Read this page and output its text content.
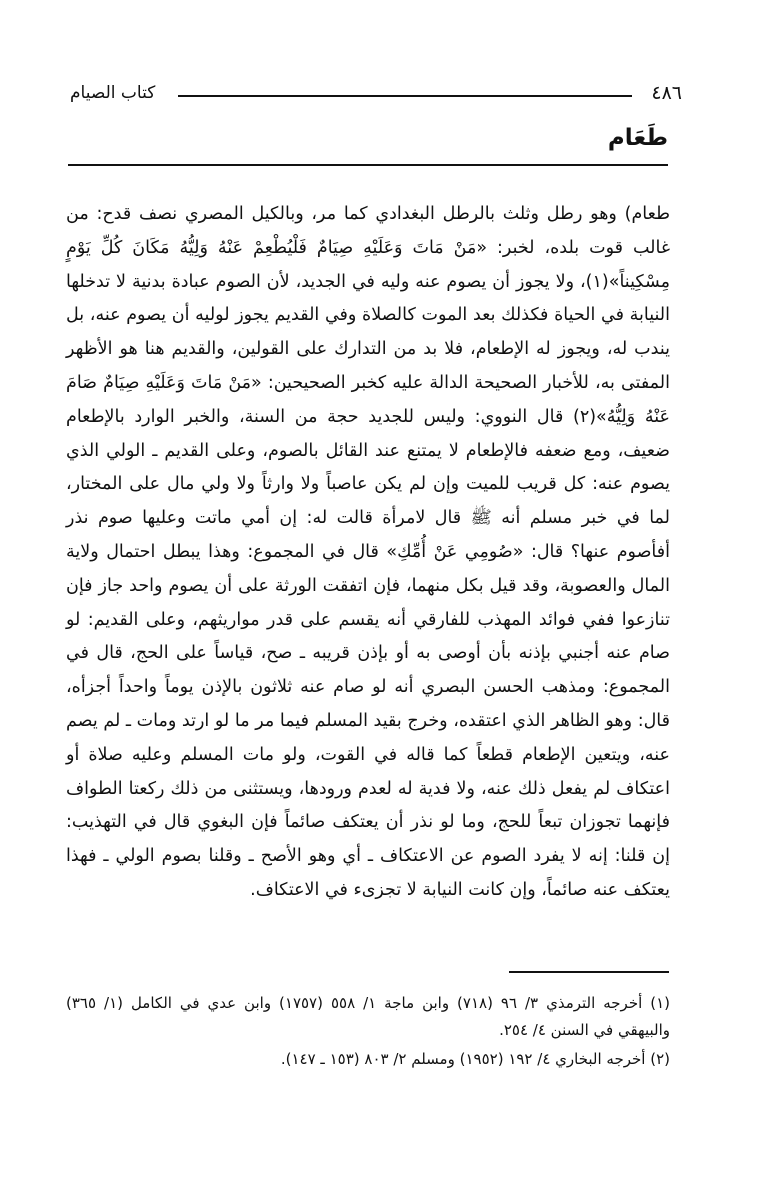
٤٨٦
كتاب الصيام
طَعَام

طعام) وهو رطل وثلث بالرطل البغدادي كما مر، وبالكيل المصري نصف قدح: من غالب قوت بلده، لخبر: «مَنْ مَاتَ وَعَلَيْهِ صِيَامٌ فَلْيُطْعِمْ عَنْهُ وَلِيُّهُ مَكَانَ كُلِّ يَوْمٍ مِسْكِيناً»(١)، ولا يجوز أن يصوم عنه وليه في الجديد، لأن الصوم عبادة بدنية لا تدخلها النيابة في الحياة فكذلك بعد الموت كالصلاة وفي القديم يجوز لوليه أن يصوم عنه، بل يندب له، ويجوز له الإطعام، فلا بد من التدارك على القولين، والقديم هنا هو الأظهر المفتى به، للأخبار الصحيحة الدالة عليه كخبر الصحيحين: «مَنْ مَاتَ وَعَلَيْهِ صِيَامٌ صَامَ عَنْهُ وَلِيُّهُ»(٢) قال النووي: وليس للجديد حجة من السنة، والخبر الوارد بالإطعام ضعيف، ومع ضعفه فالإطعام لا يمتنع عند القائل بالصوم، وعلى القديم ـ الولي الذي يصوم عنه: كل قريب للميت وإن لم يكن عاصباً ولا وارثاً ولا ولي مال على المختار، لما في خبر مسلم أنه ﷺ قال لامرأة قالت له: إن أمي ماتت وعليها صوم نذر أفأصوم عنها؟ قال: «صُومِي عَنْ أُمِّكِ» قال في المجموع: وهذا يبطل احتمال ولاية المال والعصوبة، وقد قيل بكل منهما، فإن اتفقت الورثة على أن يصوم واحد جاز فإن تنازعوا ففي فوائد المهذب للفارقي أنه يقسم على قدر مواريثهم، وعلى القديم: لو صام عنه أجنبي بإذنه بأن أوصى به أو بإذن قريبه ـ صح، قياساً على الحج، قال في المجموع: ومذهب الحسن البصري أنه لو صام عنه ثلاثون بالإذن يوماً واحداً أجزأه، قال: وهو الظاهر الذي اعتقده، وخرج بقيد المسلم فيما مر ما لو ارتد ومات ـ لم يصم عنه، ويتعين الإطعام قطعاً كما قاله في القوت، ولو مات المسلم وعليه صلاة أو اعتكاف لم يفعل ذلك عنه، ولا فدية له لعدم ورودها، ويستثنى من ذلك ركعتا الطواف فإنهما تجوزان تبعاً للحج، وما لو نذر أن يعتكف صائماً فإن البغوي قال في التهذيب: إن قلنا: إنه لا يفرد الصوم عن الاعتكاف ـ أي وهو الأصح ـ وقلنا بصوم الولي ـ فهذا يعتكف عنه صائماً، وإن كانت النيابة لا تجزىء في الاعتكاف.

(١) أخرجه الترمذي ٣/ ٩٦ (٧١٨) وابن ماجة ١/ ٥٥٨ (١٧٥٧) وابن عدي في الكامل (١/ ٣٦٥) والبيهقي في السنن ٤/ ٢٥٤.

(٢) أخرجه البخاري ٤/ ١٩٢ (١٩٥٢) ومسلم ٢/ ٨٠٣ (١٥٣ ـ ١٤٧).
